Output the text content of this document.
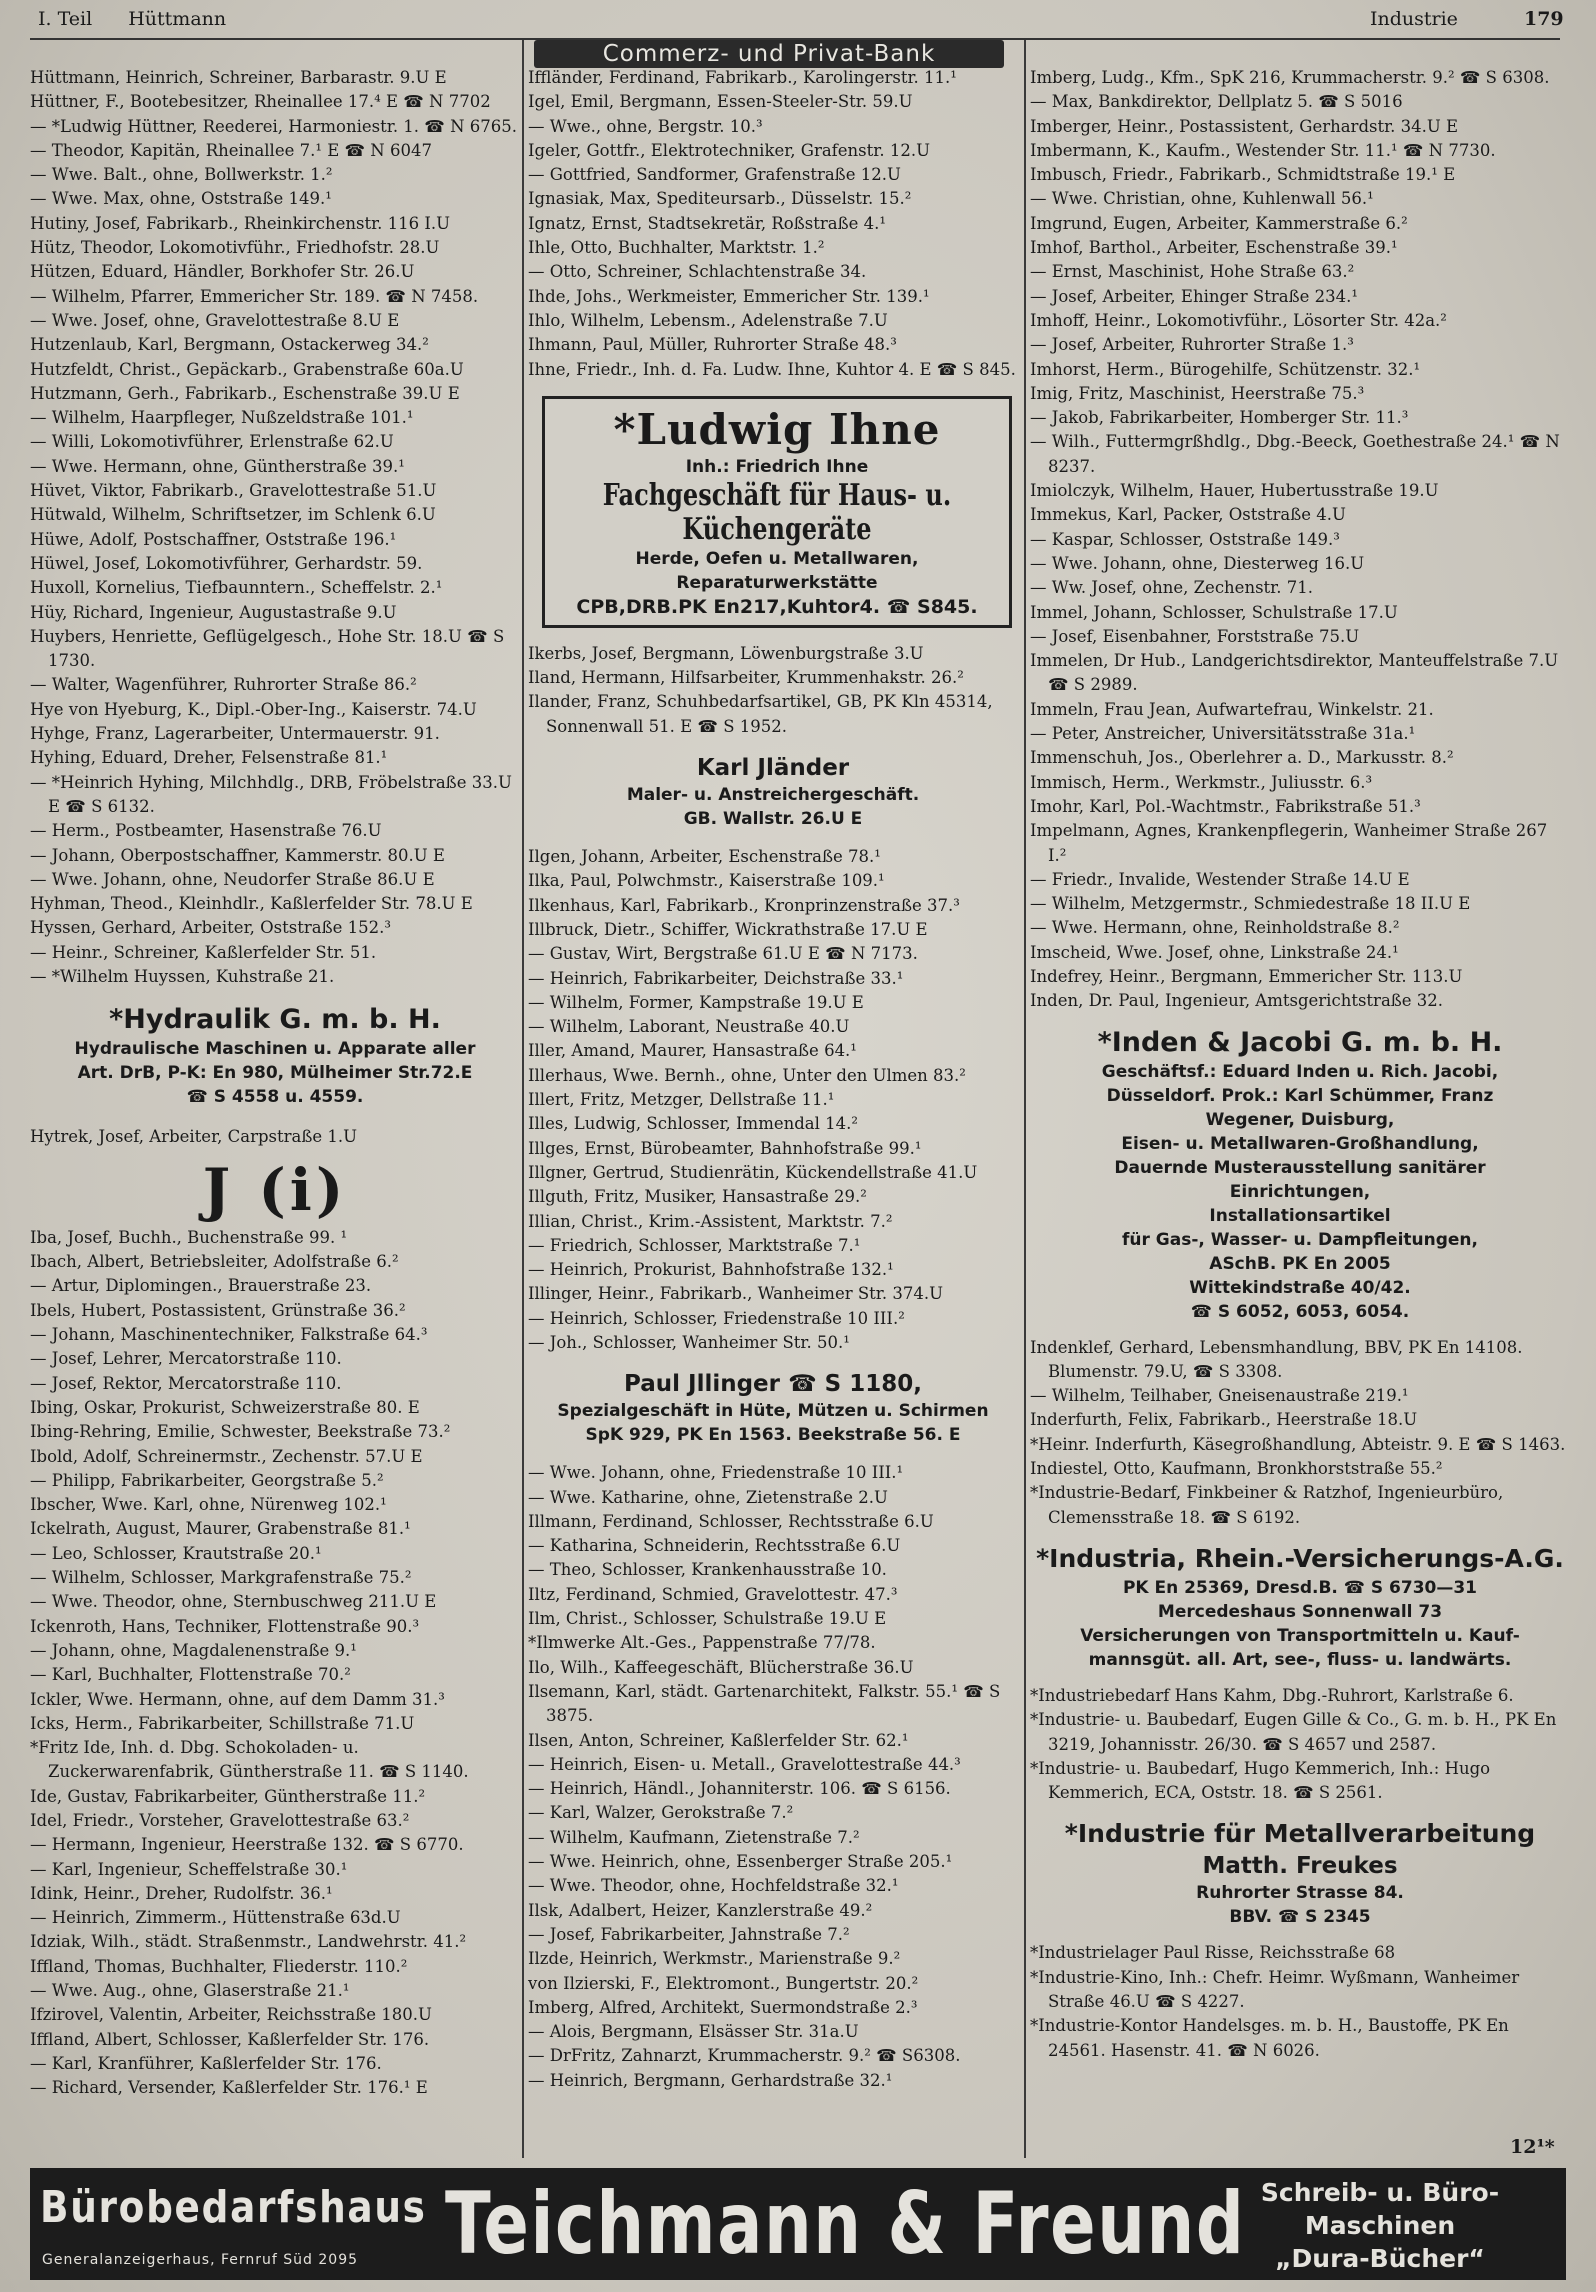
I. Teil Hüttmann
Commerz- und Privat-Bank
Industrie	179
Hüttmann, Heinrich, Schreiner, Barbarastr. 9.U E
Hüttner, F., Bootebesitzer, Rheinallee 17.⁴ E ☎ N 7702
— *Ludwig Hüttner, Reederei, Harmoniestr. 1. ☎ N 6765.
— Theodor, Kapitän, Rheinallee 7.¹ E ☎ N 6047
— Wwe. Balt., ohne, Bollwerkstr. 1.²
— Wwe. Max, ohne, Oststraße 149.¹
Hutiny, Josef, Fabrikarb., Rheinkirchenstr. 116 I.U
Hütz, Theodor, Lokomotivführ., Friedhofstr. 28.U
Hützen, Eduard, Händler, Borkhofer Str. 26.U
— Wilhelm, Pfarrer, Emmericher Str. 189. ☎ N 7458.
— Wwe. Josef, ohne, Gravelottestraße 8.U E
Hutzenlaub, Karl, Bergmann, Ostackerweg 34.²
Hutzfeldt, Christ., Gepäckarb., Grabenstraße 60a.U
Hutzmann, Gerh., Fabrikarb., Eschenstraße 39.U E
— Wilhelm, Haarpfleger, Nußzeldstraße 101.¹
— Willi, Lokomotivführer, Erlenstraße 62.U
— Wwe. Hermann, ohne, Güntherstraße 39.¹
Hüvet, Viktor, Fabrikarb., Gravelottestraße 51.U
Hütwald, Wilhelm, Schriftsetzer, im Schlenk 6.U
Hüwe, Adolf, Postschaffner, Oststraße 196.¹
Hüwel, Josef, Lokomotivführer, Gerhardstr. 59.
Huxoll, Kornelius, Tiefbaunntern., Scheffelstr. 2.¹
Hüy, Richard, Ingenieur, Augustastraße 9.U
Huybers, Henriette, Geflügelgesch., Hohe Str. 18.U ☎ S 1730.
— Walter, Wagenführer, Ruhrorter Straße 86.²
Hye von Hyeburg, K., Dipl.-Ober-Ing., Kaiserstr. 74.U
Hyhge, Franz, Lagerarbeiter, Untermauerstr. 91.
Hyhing, Eduard, Dreher, Felsenstraße 81.¹
— *Heinrich Hyhing, Milchhdlg., DRB, Fröbelstraße 33.U E ☎ S 6132.
— Herm., Postbeamter, Hasenstraße 76.U
— Johann, Oberpostschaffner, Kammerstr. 80.U E
— Wwe. Johann, ohne, Neudorfer Straße 86.U E
Hyhman, Theod., Kleinhdlr., Kaßlerfelder Str. 78.U E
Hyssen, Gerhard, Arbeiter, Oststraße 152.³
— Heinr., Schreiner, Kaßlerfelder Str. 51.
— *Wilhelm Huyssen, Kuhstraße 21.
*Hydraulik G. m. b. H.
Hydraulische Maschinen u. Apparate aller
Art. DrB, P-K: En 980, Mülheimer Str.72.E
☎ S 4558 u. 4559.
Hytrek, Josef, Arbeiter, Carpstraße 1.U
J (i)
Iba, Josef, Buchh., Buchenstraße 99. ¹
Ibach, Albert, Betriebsleiter, Adolfstraße 6.²
— Artur, Diplomingen., Brauerstraße 23.
Ibels, Hubert, Postassistent, Grünstraße 36.²
— Johann, Maschinentechniker, Falkstraße 64.³
— Josef, Lehrer, Mercatorstraße 110.
— Josef, Rektor, Mercatorstraße 110.
Ibing, Oskar, Prokurist, Schweizerstraße 80. E
Ibing-Rehring, Emilie, Schwester, Beekstraße 73.²
Ibold, Adolf, Schreinermstr., Zechenstr. 57.U E
— Philipp, Fabrikarbeiter, Georgstraße 5.²
Ibscher, Wwe. Karl, ohne, Nürenweg 102.¹
Ickelrath, August, Maurer, Grabenstraße 81.¹
— Leo, Schlosser, Krautstraße 20.¹
— Wilhelm, Schlosser, Markgrafenstraße 75.²
— Wwe. Theodor, ohne, Sternbuschweg 211.U E
Ickenroth, Hans, Techniker, Flottenstraße 90.³
— Johann, ohne, Magdalenenstraße 9.¹
— Karl, Buchhalter, Flottenstraße 70.²
Ickler, Wwe. Hermann, ohne, auf dem Damm 31.³
Icks, Herm., Fabrikarbeiter, Schillstraße 71.U
*Fritz Ide, Inh. d. Dbg. Schokoladen- u. Zuckerwarenfabrik, Güntherstraße 11. ☎ S 1140.
Ide, Gustav, Fabrikarbeiter, Güntherstraße 11.²
Idel, Friedr., Vorsteher, Gravelottestraße 63.²
— Hermann, Ingenieur, Heerstraße 132. ☎ S 6770.
— Karl, Ingenieur, Scheffelstraße 30.¹
Idink, Heinr., Dreher, Rudolfstr. 36.¹
— Heinrich, Zimmerm., Hüttenstraße 63d.U
Idziak, Wilh., städt. Straßenmstr., Landwehrstr. 41.²
Iffland, Thomas, Buchhalter, Fliederstr. 110.²
— Wwe. Aug., ohne, Glaserstraße 21.¹
Ifzirovel, Valentin, Arbeiter, Reichsstraße 180.U
Iffland, Albert, Schlosser, Kaßlerfelder Str. 176.
— Karl, Kranführer, Kaßlerfelder Str. 176.
— Richard, Versender, Kaßlerfelder Str. 176.¹ E
Iffländer, Ferdinand, Fabrikarb., Karolingerstr. 11.¹
Igel, Emil, Bergmann, Essen-Steeler-Str. 59.U
— Wwe., ohne, Bergstr. 10.³
Igeler, Gottfr., Elektrotechniker, Grafenstr. 12.U
— Gottfried, Sandformer, Grafenstraße 12.U
Ignasiak, Max, Spediteursarb., Düsselstr. 15.²
Ignatz, Ernst, Stadtsekretär, Roßstraße 4.¹
Ihle, Otto, Buchhalter, Marktstr. 1.²
— Otto, Schreiner, Schlachtenstraße 34.
Ihde, Johs., Werkmeister, Emmericher Str. 139.¹
Ihlo, Wilhelm, Lebensm., Adelenstraße 7.U
Ihmann, Paul, Müller, Ruhrorter Straße 48.³
Ihne, Friedr., Inh. d. Fa. Ludw. Ihne, Kuhtor 4. E ☎ S 845.
*Ludwig Ihne
Inh.: Friedrich Ihne
Fachgeschäft für Haus- u. Küchengeräte
Herde, Oefen u. Metallwaren,
Reparaturwerkstätte
CPB,DRB.PK En217,Kuhtor4. ☎ S845.
Ikerbs, Josef, Bergmann, Löwenburgstraße 3.U
Iland, Hermann, Hilfsarbeiter, Krummenhakstr. 26.²
Ilander, Franz, Schuhbedarfsartikel, GB, PK Kln 45314, Sonnenwall 51. E ☎ S 1952.
Karl Jländer
Maler- u. Anstreichergeschäft.
GB. Wallstr. 26.U E
Ilgen, Johann, Arbeiter, Eschenstraße 78.¹
Ilka, Paul, Polwchmstr., Kaiserstraße 109.¹
Ilkenhaus, Karl, Fabrikarb., Kronprinzenstraße 37.³
Illbruck, Dietr., Schiffer, Wickrathstraße 17.U E
— Gustav, Wirt, Bergstraße 61.U E ☎ N 7173.
— Heinrich, Fabrikarbeiter, Deichstraße 33.¹
— Wilhelm, Former, Kampstraße 19.U E
— Wilhelm, Laborant, Neustraße 40.U
Iller, Amand, Maurer, Hansastraße 64.¹
Illerhaus, Wwe. Bernh., ohne, Unter den Ulmen 83.²
Illert, Fritz, Metzger, Dellstraße 11.¹
Illes, Ludwig, Schlosser, Immendal 14.²
Illges, Ernst, Bürobeamter, Bahnhofstraße 99.¹
Illgner, Gertrud, Studienrätin, Kückendellstraße 41.U
Illguth, Fritz, Musiker, Hansastraße 29.²
Illian, Christ., Krim.-Assistent, Marktstr. 7.²
— Friedrich, Schlosser, Marktstraße 7.¹
— Heinrich, Prokurist, Bahnhofstraße 132.¹
Illinger, Heinr., Fabrikarb., Wanheimer Str. 374.U
— Heinrich, Schlosser, Friedenstraße 10 III.²
— Joh., Schlosser, Wanheimer Str. 50.¹
Paul Jllinger ☎ S 1180,
Spezialgeschäft in Hüte, Mützen u. Schirmen
SpK 929, PK En 1563. Beekstraße 56. E
— Wwe. Johann, ohne, Friedenstraße 10 III.¹
— Wwe. Katharine, ohne, Zietenstraße 2.U
Illmann, Ferdinand, Schlosser, Rechtsstraße 6.U
— Katharina, Schneiderin, Rechtsstraße 6.U
— Theo, Schlosser, Krankenhausstraße 10.
Iltz, Ferdinand, Schmied, Gravelottestr. 47.³
Ilm, Christ., Schlosser, Schulstraße 19.U E
*Ilmwerke Alt.-Ges., Pappenstraße 77/78.
Ilo, Wilh., Kaffeegeschäft, Blücherstraße 36.U
Ilsemann, Karl, städt. Gartenarchitekt, Falkstr. 55.¹ ☎ S 3875.
Ilsen, Anton, Schreiner, Kaßlerfelder Str. 62.¹
— Heinrich, Eisen- u. Metall., Gravelottestraße 44.³
— Heinrich, Händl., Johanniterstr. 106. ☎ S 6156.
— Karl, Walzer, Gerokstraße 7.²
— Wilhelm, Kaufmann, Zietenstraße 7.²
— Wwe. Heinrich, ohne, Essenberger Straße 205.¹
— Wwe. Theodor, ohne, Hochfeldstraße 32.¹
Ilsk, Adalbert, Heizer, Kanzlerstraße 49.²
— Josef, Fabrikarbeiter, Jahnstraße 7.²
Ilzde, Heinrich, Werkmstr., Marienstraße 9.²
von Ilzierski, F., Elektromont., Bungertstr. 20.²
Imberg, Alfred, Architekt, Suermondstraße 2.³
— Alois, Bergmann, Elsässer Str. 31a.U
— DrFritz, Zahnarzt, Krummacherstr. 9.² ☎ S6308.
— Heinrich, Bergmann, Gerhardstraße 32.¹
Imberg, Ludg., Kfm., SpK 216, Krummacherstr. 9.² ☎ S 6308.
— Max, Bankdirektor, Dellplatz 5. ☎ S 5016
Imberger, Heinr., Postassistent, Gerhardstr. 34.U E
Imbermann, K., Kaufm., Westender Str. 11.¹ ☎ N 7730.
Imbusch, Friedr., Fabrikarb., Schmidtstraße 19.¹ E
— Wwe. Christian, ohne, Kuhlenwall 56.¹
Imgrund, Eugen, Arbeiter, Kammerstraße 6.²
Imhof, Barthol., Arbeiter, Eschenstraße 39.¹
— Ernst, Maschinist, Hohe Straße 63.²
— Josef, Arbeiter, Ehinger Straße 234.¹
Imhoff, Heinr., Lokomotivführ., Lösorter Str. 42a.²
— Josef, Arbeiter, Ruhrorter Straße 1.³
Imhorst, Herm., Bürogehilfe, Schützenstr. 32.¹
Imig, Fritz, Maschinist, Heerstraße 75.³
— Jakob, Fabrikarbeiter, Homberger Str. 11.³
— Wilh., Futtermgrßhdlg., Dbg.-Beeck, Goethestraße 24.¹ ☎ N 8237.
Imiolczyk, Wilhelm, Hauer, Hubertusstraße 19.U
Immekus, Karl, Packer, Oststraße 4.U
— Kaspar, Schlosser, Oststraße 149.³
— Wwe. Johann, ohne, Diesterweg 16.U
— Ww. Josef, ohne, Zechenstr. 71.
Immel, Johann, Schlosser, Schulstraße 17.U
— Josef, Eisenbahner, Forststraße 75.U
Immelen, Dr Hub., Landgerichtsdirektor, Manteuffelstraße 7.U ☎ S 2989.
Immeln, Frau Jean, Aufwartefrau, Winkelstr. 21.
— Peter, Anstreicher, Universitätsstraße 31a.¹
Immenschuh, Jos., Oberlehrer a. D., Markusstr. 8.²
Immisch, Herm., Werkmstr., Juliusstr. 6.³
Imohr, Karl, Pol.-Wachtmstr., Fabrikstraße 51.³
Impelmann, Agnes, Krankenpflegerin, Wanheimer Straße 267 I.²
— Friedr., Invalide, Westender Straße 14.U E
— Wilhelm, Metzgermstr., Schmiedestraße 18 II.U E
— Wwe. Hermann, ohne, Reinholdstraße 8.²
Imscheid, Wwe. Josef, ohne, Linkstraße 24.¹
Indefrey, Heinr., Bergmann, Emmericher Str. 113.U
Inden, Dr. Paul, Ingenieur, Amtsgerichtstraße 32.
*Inden & Jacobi G. m. b. H.
Geschäftsf.: Eduard Inden u. Rich. Jacobi,
Düsseldorf. Prok.: Karl Schümmer, Franz
Wegener, Duisburg,
Eisen- u. Metallwaren-Großhandlung,
Dauernde Musterausstellung sanitärer
Einrichtungen,
Installationsartikel
für Gas-, Wasser- u. Dampfleitungen,
ASchB. PK En 2005
Wittekindstraße 40/42.
☎ S 6052, 6053, 6054.
Indenklef, Gerhard, Lebensmhandlung, BBV, PK En 14108. Blumenstr. 79.U, ☎ S 3308.
— Wilhelm, Teilhaber, Gneisenaustraße 219.¹
Inderfurth, Felix, Fabrikarb., Heerstraße 18.U
*Heinr. Inderfurth, Käsegroßhandlung, Abteistr. 9. E ☎ S 1463.
Indiestel, Otto, Kaufmann, Bronkhorststraße 55.²
*Industrie-Bedarf, Finkbeiner & Ratzhof, Ingenieurbüro, Clemensstraße 18. ☎ S 6192.
*Industria, Rhein.-Versicherungs-A.G.
PK En 25369, Dresd.B. ☎ S 6730—31
Mercedeshaus Sonnenwall 73
Versicherungen von Transportmitteln u. Kauf-
mannsgüt. all. Art, see-, fluss- u. landwärts.
*Industriebedarf Hans Kahm, Dbg.-Ruhrort, Karlstraße 6.
*Industrie- u. Baubedarf, Eugen Gille & Co., G. m. b. H., PK En 3219, Johannisstr. 26/30. ☎ S 4657 und 2587.
*Industrie- u. Baubedarf, Hugo Kemmerich, Inh.: Hugo Kemmerich, ECA, Oststr. 18. ☎ S 2561.
*Industrie für Metallverarbeitung
Matth. Freukes
Ruhrorter Strasse 84.
BBV. ☎ S 2345
*Industrielager Paul Risse, Reichsstraße 68
*Industrie-Kino, Inh.: Chefr. Heimr. Wyßmann, Wanheimer Straße 46.U ☎ S 4227.
*Industrie-Kontor Handelsges. m. b. H., Baustoffe, PK En 24561. Hasenstr. 41. ☎ N 6026.
12¹*
Bürobedarfshaus
Generalanzeigerhaus, Fernruf Süd 2095 Teichmann & Freund Schreib- u. Büro-
Maschinen
„Dura-Bücher“
